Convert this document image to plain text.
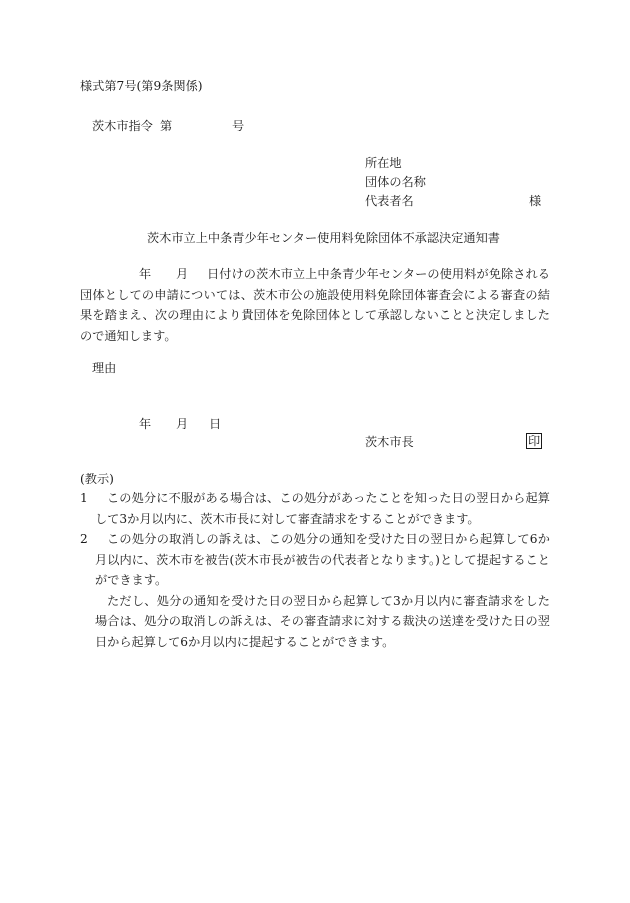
様式第7号(第9条関係)
茨木市指令 第	号
所在地
団体の名称
代表者名	様
茨木市立上中条青少年センター使用料免除団体不承認決定通知書
年 月	日付けの茨木市立上中条青少年センターの使用料が免除される団体としての申請については、茨木市公の施設使用料免除団体審査会による審査の結果を踏まえ、次の理由により貴団体を免除団体として承認しないことと決定しましたので通知します。
理由
年 月 日
茨木市長	印
(教示)
1	この処分に不服がある場合は、この処分があったことを知った日の翌日から起算して3か月以内に、茨木市長に対して審査請求をすることができます。
2	この処分の取消しの訴えは、この処分の通知を受けた日の翌日から起算して6か月以内に、茨木市を被告(茨木市長が被告の代表者となります。)として提起することができます。
ただし、処分の通知を受けた日の翌日から起算して3か月以内に審査請求をした場合は、処分の取消しの訴えは、その審査請求に対する裁決の送達を受けた日の翌日から起算して6か月以内に提起することができます。
